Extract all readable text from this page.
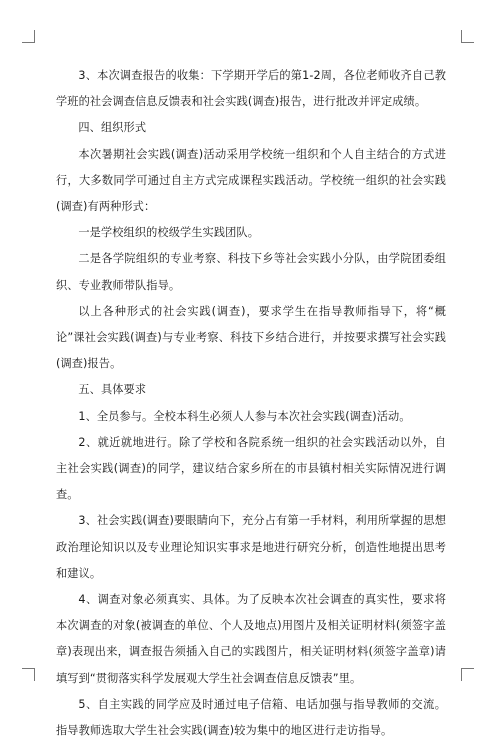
3、本次调查报告的收集：下学期开学后的第1-2周，各位老师收齐自己教学班的社会调查信息反馈表和社会实践(调查)报告，进行批改并评定成绩。

四、组织形式

本次暑期社会实践(调查)活动采用学校统一组织和个人自主结合的方式进行，大多数同学可通过自主方式完成课程实践活动。学校统一组织的社会实践(调查)有两种形式：

一是学校组织的校级学生实践团队。

二是各学院组织的专业考察、科技下乡等社会实践小分队，由学院团委组织、专业教师带队指导。

以上各种形式的社会实践(调查)，要求学生在指导教师指导下，将“概论”课社会实践(调查)与专业考察、科技下乡结合进行，并按要求撰写社会实践(调查)报告。

五、具体要求

1、全员参与。全校本科生必须人人参与本次社会实践(调查)活动。

2、就近就地进行。除了学校和各院系统一组织的社会实践活动以外，自主社会实践(调查)的同学，建议结合家乡所在的市县镇村相关实际情况进行调查。

3、社会实践(调查)要眼睛向下，充分占有第一手材料，利用所掌握的思想政治理论知识以及专业理论知识实事求是地进行研究分析，创造性地提出思考和建议。

4、调查对象必须真实、具体。为了反映本次社会调查的真实性，要求将本次调查的对象(被调查的单位、个人及地点)用图片及相关证明材料(须签字盖章)表现出来，调查报告须插入自己的实践图片，相关证明材料(须签字盖章)请填写到“贯彻落实科学发展观大学生社会调查信息反馈表”里。

5、自主实践的同学应及时通过电子信箱、电话加强与指导教师的交流。指导教师选取大学生社会实践(调查)较为集中的地区进行走访指导。
